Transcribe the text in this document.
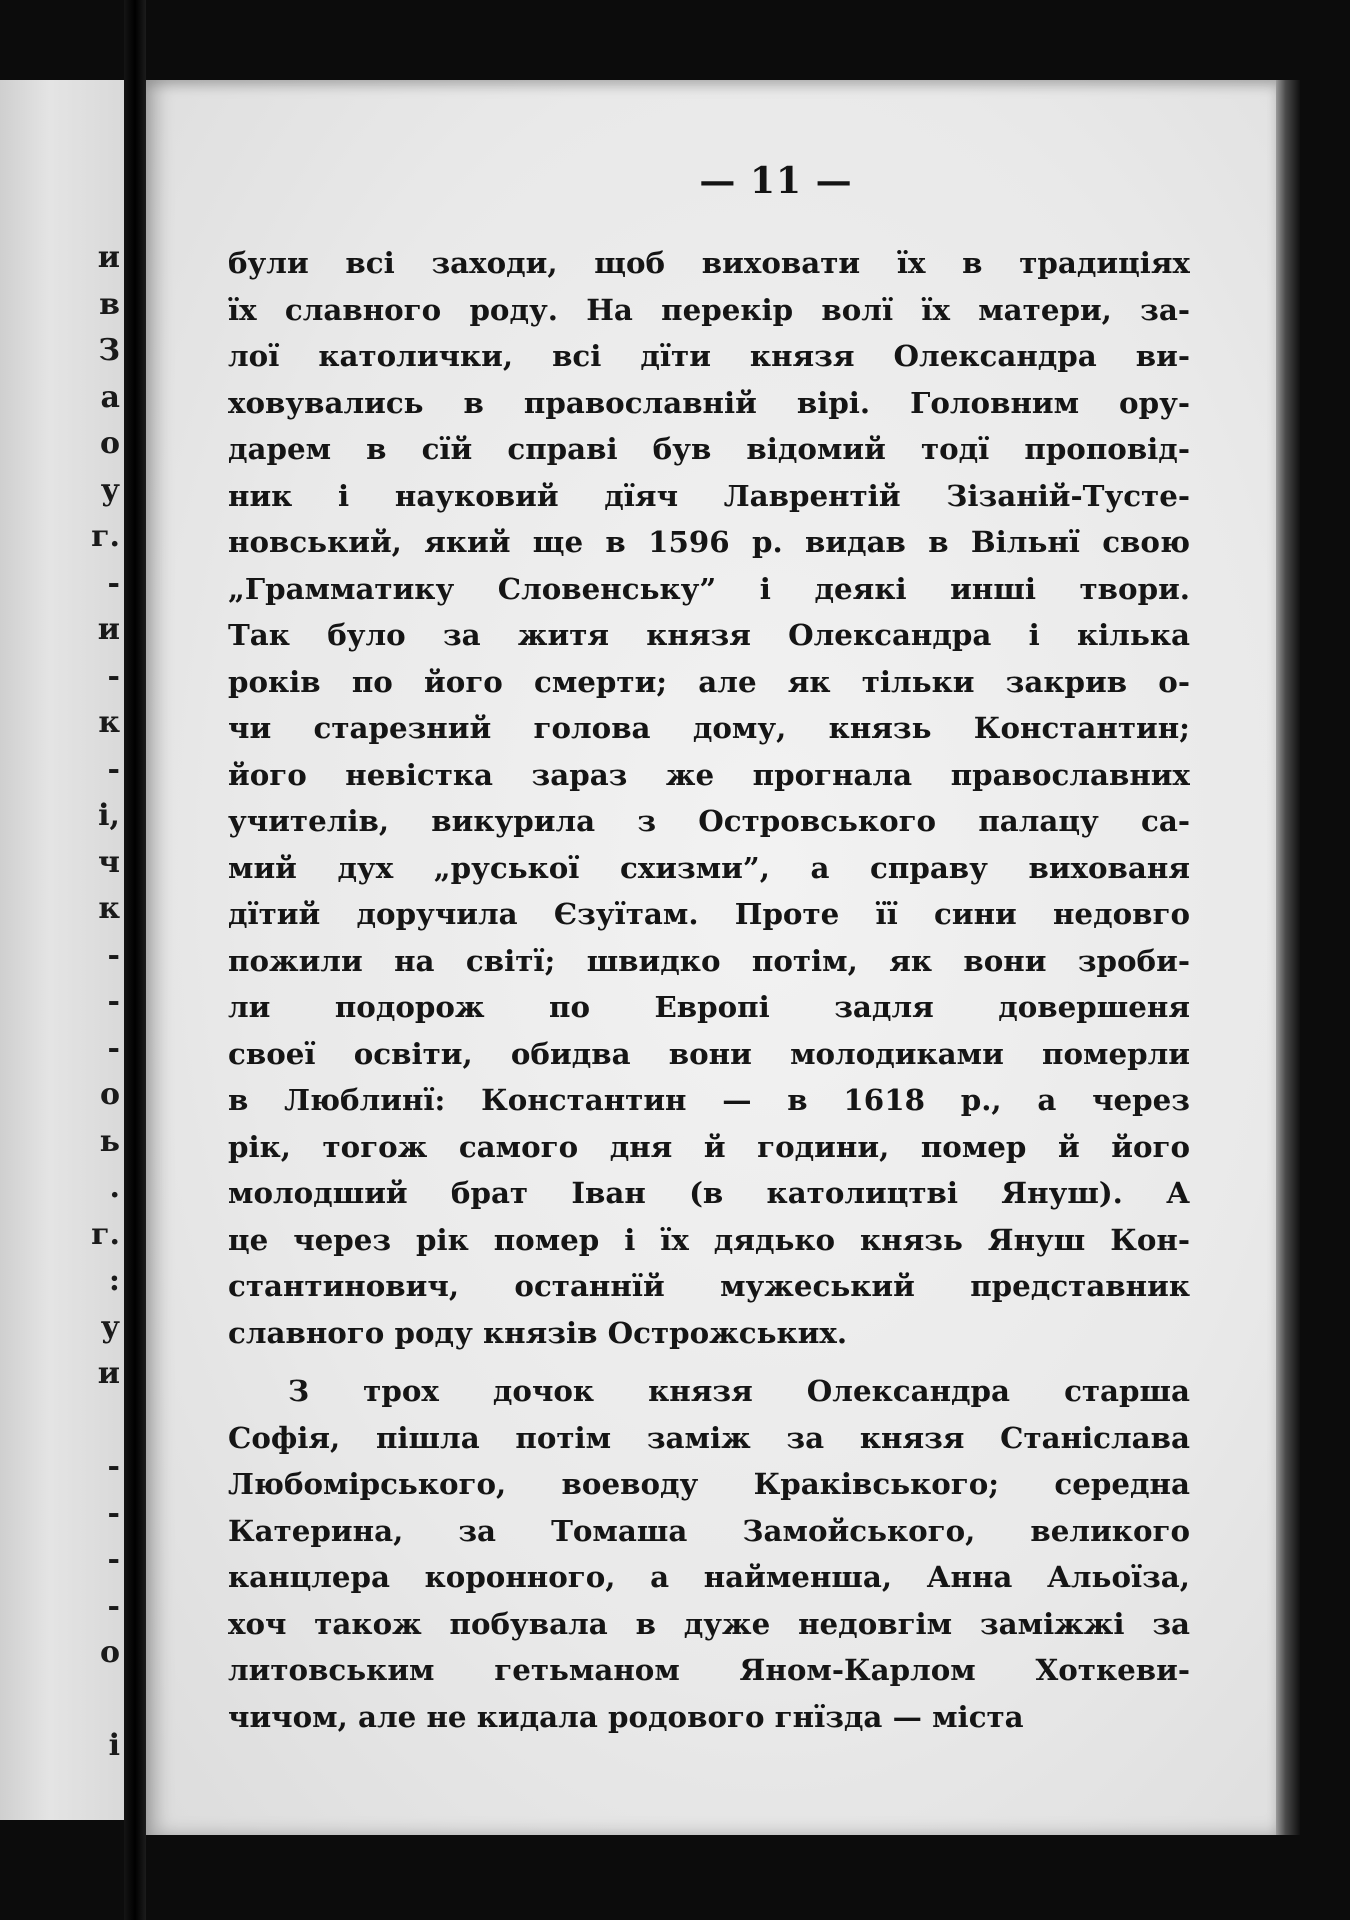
и
в
З
а
о
у
г.
-
и
-
к
-
і,
ч
к
-
-
-
о
ь
.
г.
:
у
и
-
-
-
-
о
і
— 11 —
були всі заходи, щоб виховати їх в традиціях
їх славного роду. На перекір волї їх матери, за-
лої католички, всі дїти князя Олександра ви-
ховувались в православній вірі. Головним ору-
дарем в сїй справі був відомий тодї проповід-
ник і науковий дїяч Лаврентій Зізаній-Тусте-
новський, який ще в 1596 р. видав в Вільнї свою
„Грамматику Словенську” і деякі инші твори.
Так було за житя князя Олександра і кілька
років по його смерти; але як тільки закрив о-
чи старезний голова дому, князь Константин;
його невістка зараз же прогнала православних
учителів, викурила з Островського палацу са-
мий дух „руської схизми”, а справу вихованя
дїтий доручила Єзуїтам. Проте її сини недовго
пожили на світї; швидко потім, як вони зроби-
ли подорож по Европі задля довершеня
своеї освіти, обидва вони молодиками померли
в Люблинї: Константин — в 1618 р., а через
рік, тогож самого дня й години, помер й його
молодший брат Іван (в католицтві Януш). А
це через рік помер і їх дядько князь Януш Кон-
стантинович, останнїй мужеський представник
славного роду князів Острожських.
З трох дочок князя Олександра старша
Софія, пішла потім заміж за князя Станіслава
Любомірського, воеводу Краківського; середна
Катерина, за Томаша Замойського, великого
канцлера коронного, а найменша, Анна Альоїза,
хоч також побувала в дуже недовгім заміжжі за
литовським гетьманом Яном-Карлом Хоткеви-
чичом, але не кидала родового гнїзда — міста
